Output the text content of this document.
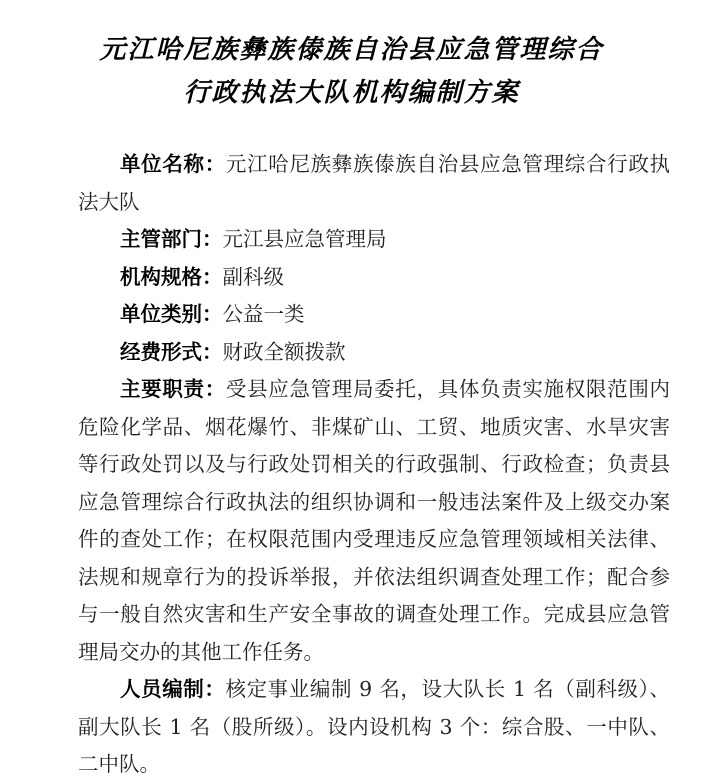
元江哈尼族彝族傣族自治县应急管理综合
行政执法大队机构编制方案

单位名称：元江哈尼族彝族傣族自治县应急管理综合行政执法大队

主管部门：元江县应急管理局

机构规格：副科级

单位类别：公益一类

经费形式：财政全额拨款

主要职责：受县应急管理局委托，具体负责实施权限范围内危险化学品、烟花爆竹、非煤矿山、工贸、地质灾害、水旱灾害等行政处罚以及与行政处罚相关的行政强制、行政检查；负责县应急管理综合行政执法的组织协调和一般违法案件及上级交办案件的查处工作；在权限范围内受理违反应急管理领域相关法律、法规和规章行为的投诉举报，并依法组织调查处理工作；配合参与一般自然灾害和生产安全事故的调查处理工作。完成县应急管理局交办的其他工作任务。

人员编制：核定事业编制 9 名，设大队长 1 名（副科级）、副大队长 1 名（股所级）。设内设机构 3 个：综合股、一中队、二中队。
